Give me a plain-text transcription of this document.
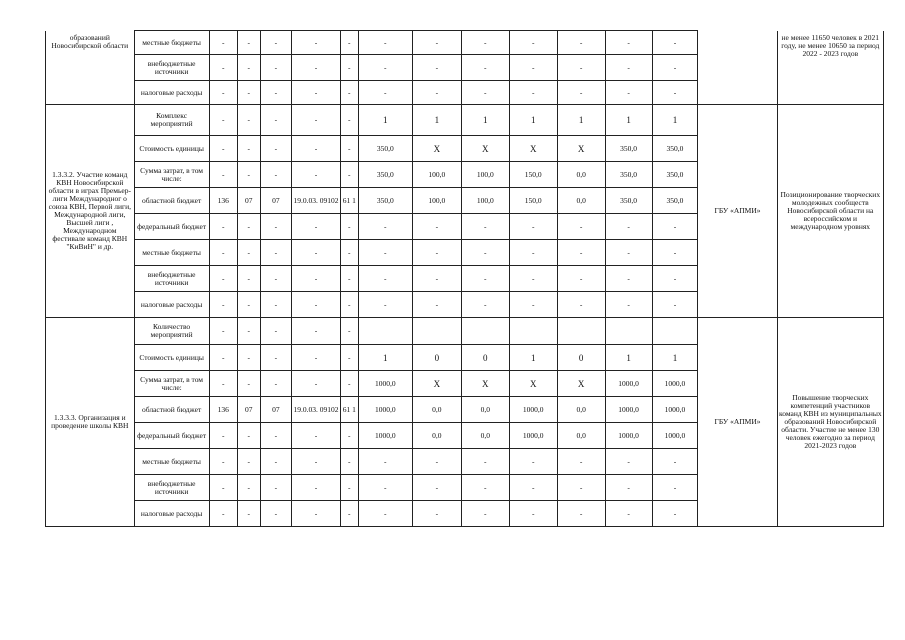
образований Новосибирской области	местные бюджеты	-	-	-	-	-	-	-	-	-	-	-	-		не менее 11650 человек в 2021 году, не менее 10650 за период 2022 - 2023 годов
	внебюджетные источники	-	-	-	-	-	-	-	-	-	-	-	-		
	налоговые расходы	-	-	-	-	-	-	-	-	-	-	-	-		
1.3.3.2. Участие команд КВН Новосибирской области в играх Премьер-лиги Международног о союза КВН, Первой лиги, Международной лиги, Высшей лиги , Международном фестивале команд КВН "КиВиН" и др.	Комплекс мероприятий	-	-	-	-	-	1	1	1	1	1	1	1	ГБУ «АПМИ»	Позиционирование творческих молодежных сообществ Новосибирской области на всероссийском и международном уровнях
	Стоимость единицы	-	-	-	-	-	350,0	X	X	X	X	350,0	350,0		
	Сумма затрат, в том числе:	-	-	-	-	-	350,0	100,0	100,0	150,0	0,0	350,0	350,0		
	областной бюджет	136	07	07	19.0.03. 09102	61 1	350,0	100,0	100,0	150,0	0,0	350,0	350,0		
	федеральный бюджет	-	-	-	-	-	-	-	-	-	-	-	-		
	местные бюджеты	-	-	-	-	-	-	-	-	-	-	-	-		
	внебюджетные источники	-	-	-	-	-	-	-	-	-	-	-	-		
	налоговые расходы	-	-	-	-	-	-	-	-	-	-	-	-		
1.3.3.3. Организация и проведение школы КВН	Количество мероприятий	-	-	-	-	-								ГБУ «АПМИ»	Повышение творческих компетенций участников команд КВН из муниципальных образований Новосибирской области. Участие не менее 130 человек ежегодно за период 2021-2023 годов
	Стоимость единицы	-	-	-	-	-	1	0	0	1	0	1	1		
	Сумма затрат, в том числе:	-	-	-	-	-	1000,0	X	X	X	X	1000,0	1000,0		
	областной бюджет	136	07	07	19.0.03. 09102	61 1	1000,0	0,0	0,0	1000,0	0,0	1000,0	1000,0		
	федеральный бюджет	-	-	-	-	-	1000,0	0,0	0,0	1000,0	0,0	1000,0	1000,0		
	местные бюджеты	-	-	-	-	-	-	-	-	-	-	-	-		
	внебюджетные источники	-	-	-	-	-	-	-	-	-	-	-	-		
	налоговые расходы	-	-	-	-	-	-	-	-	-	-	-	-		
